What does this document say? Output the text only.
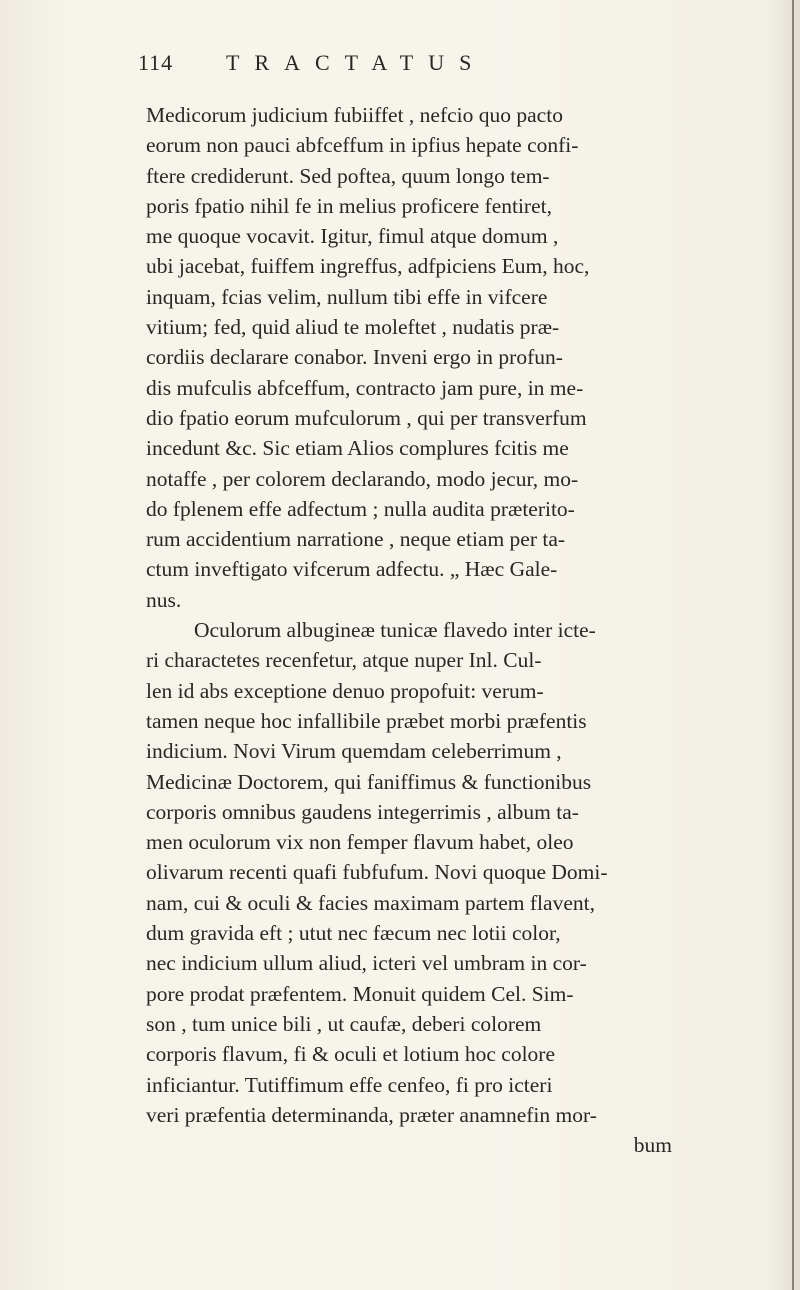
114 TRACTATUS
Medicorum judicium fubiiffet , nefcio quo pacto
eorum non pauci abfceffum in ipfius hepate confi-
ftere crediderunt. Sed poftea, quum longo tem-
poris fpatio nihil fe in melius proficere fentiret,
me quoque vocavit. Igitur, fimul atque domum ,
ubi jacebat, fuiffem ingreffus, adfpiciens Eum, hoc,
inquam, fcias velim, nullum tibi effe in vifcere
vitium; fed, quid aliud te moleftet , nudatis præ-
cordiis declarare conabor. Inveni ergo in profun-
dis mufculis abfceffum, contracto jam pure, in me-
dio fpatio eorum mufculorum , qui per transverfum
incedunt &c. Sic etiam Alios complures fcitis me
notaffe , per colorem declarando, modo jecur, mo-
do fplenem effe adfectum ; nulla audita præterito-
rum accidentium narratione , neque etiam per ta-
ctum inveftigato vifcerum adfectu. „ Hæc Gale-
nus.
Oculorum albugineæ tunicæ flavedo inter icte-
ri charactetes recenfetur, atque nuper Inl. Cul-
len id abs exceptione denuo propofuit: verum-
tamen neque hoc infallibile præbet morbi præfentis
indicium. Novi Virum quemdam celeberrimum ,
Medicinæ Doctorem, qui faniffimus & functionibus
corporis omnibus gaudens integerrimis , album ta-
men oculorum vix non femper flavum habet, oleo
olivarum recenti quafi fubfufum. Novi quoque Domi-
nam, cui & oculi & facies maximam partem flavent,
dum gravida eft ; utut nec fæcum nec lotii color,
nec indicium ullum aliud, icteri vel umbram in cor-
pore prodat præfentem. Monuit quidem Cel. Sim-
son , tum unice bili , ut caufæ, deberi colorem
corporis flavum, fi & oculi et lotium hoc colore
inficiantur. Tutiffimum effe cenfeo, fi pro icteri
veri præfentia determinanda, præter anamnefin mor-
bum
